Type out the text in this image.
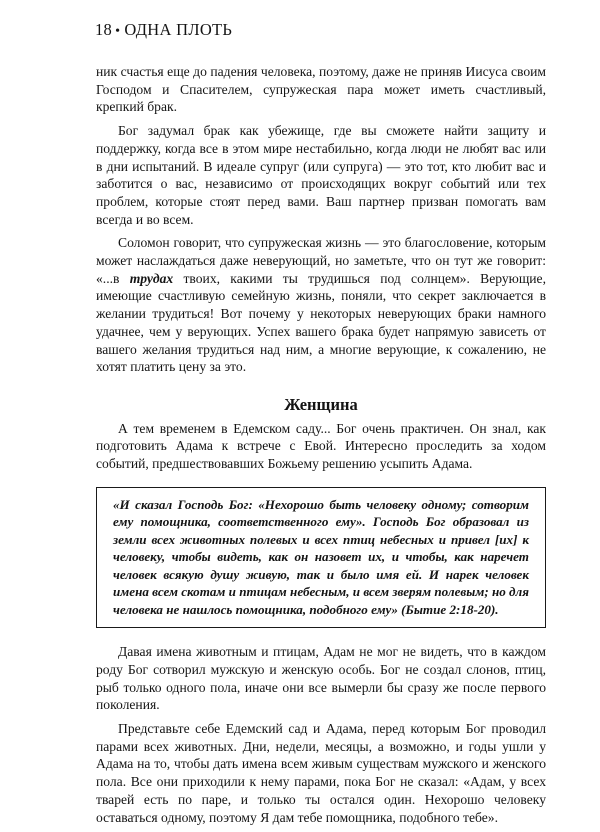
18 • ОДНА ПЛОТЬ

ник счастья еще до падения человека, поэтому, даже не приняв Иисуса своим Господом и Спасителем, супружеская пара может иметь счастливый, крепкий брак.

Бог задумал брак как убежище, где вы сможете найти защиту и поддержку, когда все в этом мире нестабильно, когда люди не любят вас или в дни испытаний. В идеале супруг (или супруга) — это тот, кто любит вас и заботится о вас, независимо от происходящих вокруг событий или тех проблем, которые стоят перед вами. Ваш партнер призван помогать вам всегда и во всем.

Соломон говорит, что супружеская жизнь — это благословение, которым может наслаждаться даже неверующий, но заметьте, что он тут же говорит: «...в трудах твоих, какими ты трудишься под солнцем». Верующие, имеющие счастливую семейную жизнь, поняли, что секрет заключается в желании трудиться! Вот почему у некоторых неверующих браки намного удачнее, чем у верующих. Успех вашего брака будет напрямую зависеть от вашего желания трудиться над ним, а многие верующие, к сожалению, не хотят платить цену за это.

Женщина

А тем временем в Едемском саду... Бог очень практичен. Он знал, как подготовить Адама к встрече с Евой. Интересно проследить за ходом событий, предшествовавших Божьему решению усыпить Адама.

«И сказал Господь Бог: «Нехорошо быть человеку одному; сотворим ему помощника, соответственного ему». Господь Бог образовал из земли всех животных полевых и всех птиц небесных и привел [их] к человеку, чтобы видеть, как он назовет их, и чтобы, как наречет человек всякую душу живую, так и было имя ей. И нарек человек имена всем скотам и птицам небесным, и всем зверям полевым; но для человека не нашлось помощника, подобного ему» (Бытие 2:18-20).

Давая имена животным и птицам, Адам не мог не видеть, что в каждом роду Бог сотворил мужскую и женскую особь. Бог не создал слонов, птиц, рыб только одного пола, иначе они все вымерли бы сразу же после первого поколения.

Представьте себе Едемский сад и Адама, перед которым Бог проводил парами всех животных. Дни, недели, месяцы, а возможно, и годы ушли у Адама на то, чтобы дать имена всем живым существам мужского и женского пола. Все они приходили к нему парами, пока Бог не сказал: «Адам, у всех тварей есть по паре, и только ты остался один. Нехорошо человеку оставаться одному, поэтому Я дам тебе помощника, подобного тебе».
